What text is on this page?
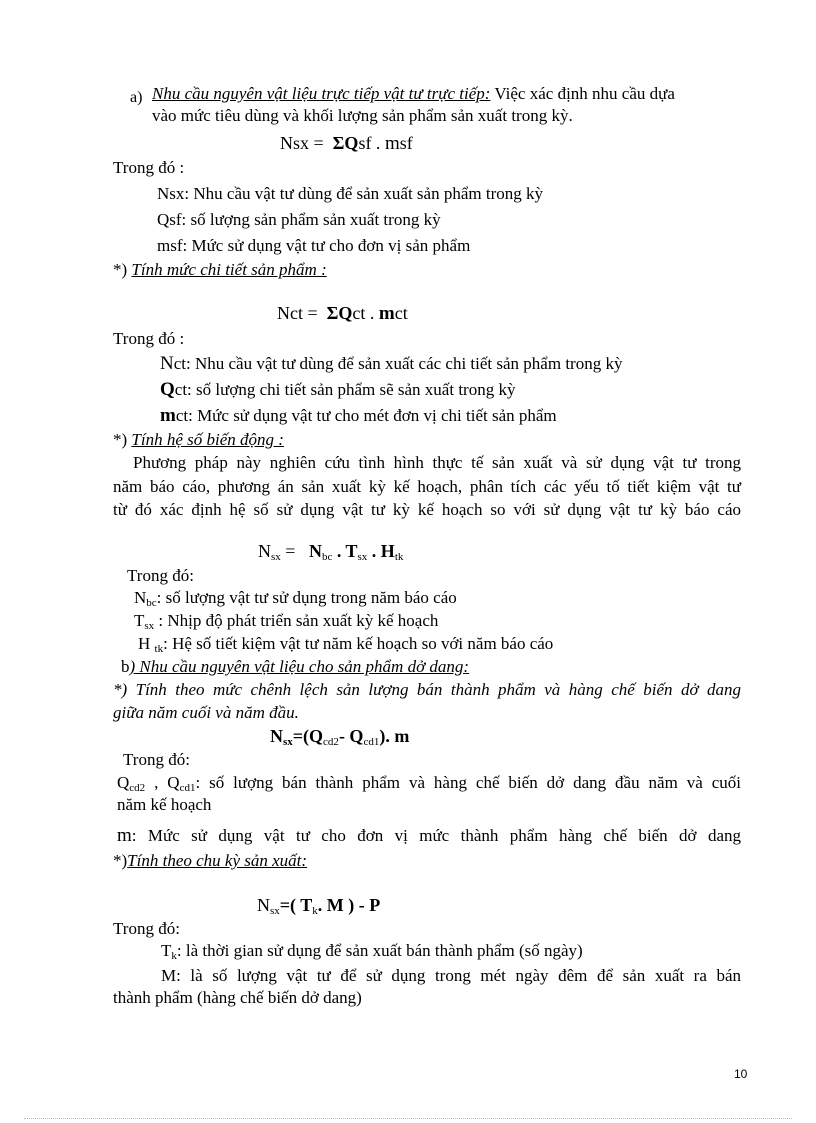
a) Nhu cầu nguyên vật liệu trực tiếp vật tư trực tiếp: Việc xác định nhu cầu dựa
vào mức tiêu dùng và khối lượng sản phẩm sản xuất trong kỳ.
Nsx = ΣQsf . msf
Trong đó :
Nsx: Nhu cầu vật tư dùng để sản xuất sản phẩm trong kỳ
Qsf: số lượng sản phẩm sản xuất trong kỳ
msf: Mức sử dụng vật tư cho đơn vị sản phẩm
*) Tính mức chi tiết sản phẩm :
Nct = ΣQct . mct
Trong đó :
Nct: Nhu cầu vật tư dùng để sản xuất các chi tiết sản phẩm trong kỳ
Qct: số lượng chi tiết sản phẩm sẽ sản xuất trong kỳ
mct: Mức sử dụng vật tư cho mét đơn vị chi tiết sản phẩm
*) Tính hệ số biến động :
Phương pháp này nghiên cứu tình hình thực tế sản xuất và sử dụng vật tư trong
năm báo cáo, phương án sản xuất kỳ kế hoạch, phân tích các yếu tố tiết kiệm vật tư
từ đó xác định hệ số sử dụng vật tư kỳ kế hoạch so với sử dụng vật tư kỳ báo cáo
$N_{sx} = N_{bc}$ . $T_{sx}$ . $H_{tk}$
Trong đó:
$N_{bc}$: số lượng vật tư sử dụng trong năm báo cáo
$T_{sx}$ : Nhịp độ phát triển sản xuất kỳ kế hoạch
H $_{tk}$: Hệ số tiết kiệm vật tư năm kế hoạch so với năm báo cáo
b) Nhu cầu nguyên vật liệu cho sản phẩm dở dang:
*) Tính theo mức chênh lệch sản lượng bán thành phẩm và hàng chế biến dở dang
giữa năm cuối và năm đầu.
$N_{sx}=(Q_{cd2}-$ $Q_{cd1}$). m
Trong đó:
$Q_{cd2}$ , $Q_{cd1}$: số lượng bán thành phẩm và hàng chế biến dở dang đầu năm và cuối
năm kế hoạch
m: Mức sử dụng vật tư cho đơn vị mức thành phẩm hàng chế biến dở dang
*)Tính theo chu kỳ sản xuất:
$N_{sx}=$( $T_k$. M ) - P
Trong đó:
$T_k$: là thời gian sử dụng để sản xuất bán thành phẩm (số ngày)
M: là số lượng vật tư để sử dụng trong mét ngày đêm để sản xuất ra bán
thành phẩm (hàng chế biến dở dang)
10
